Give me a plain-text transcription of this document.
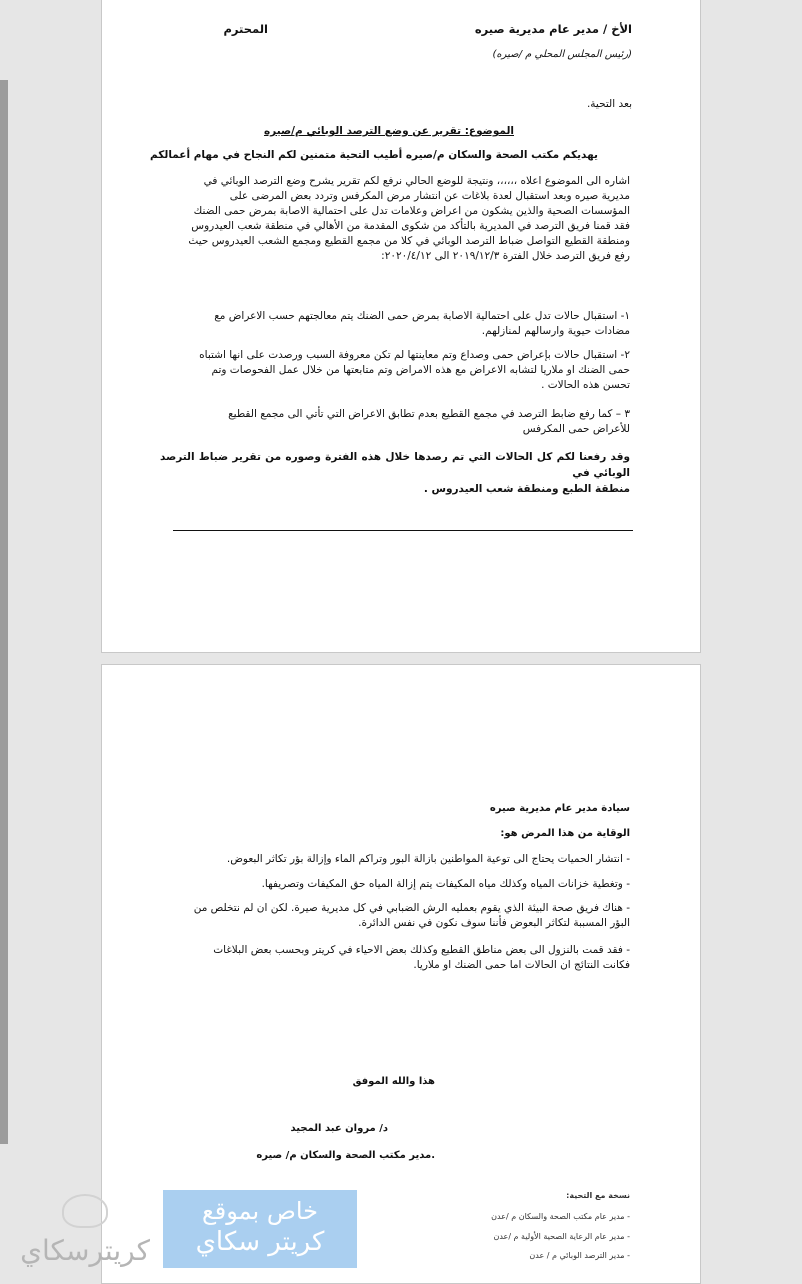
الأخ / مدير عام مديرية صيره
المحترم
(رئيس المجلس المحلي م /صيره)
بعد التحية.
الموضوع: تقرير عن وضع الترصد الوبائي م/صيره
يهديكم مكتب الصحة والسكان م/صيره أطيب التحية متمنين لكم النجاح في مهام أعمالكم
اشاره الى الموضوع اعلاه ،،،،،، ونتيجة للوضع الحالي نرفع لكم تقرير يشرح وضع الترصد الوبائي في
مديرية صيره وبعد استقبال لعدة بلاغات عن انتشار مرض المكرفس وتردد بعض المرضى على
المؤسسات الصحية والذين يشكون من اعراض وعلامات تدل على احتمالية الاصابة بمرض حمى الضنك
فقد قمنا فريق الترصد في المديرية بالتأكد من شكوى المقدمة من الأهالي في منطقة شعب العيدروس
ومنطقة القطيع التواصل ضباط الترصد الوبائي في كلا من مجمع القطيع ومجمع الشعب العيدروس حيث
رفع فريق الترصد خلال الفترة ٢٠١٩/١٢/٣ الى ٢٠٢٠/٤/١٢:
١- استقبال حالات تدل على احتمالية الاصابة بمرض حمى الضنك يتم معالجتهم حسب الاعراض مع
مضادات حيوية وارسالهم لمنازلهم.
٢- استقبال حالات بإعراض حمى وصداع وتم معاينتها لم تكن معروفة السبب ورصدت على انها اشتباه
حمى الضنك او ملاريا لتشابه الاعراض مع هذه الامراض وتم متابعتها من خلال عمل الفحوصات وتم
تحسن هذه الحالات .
٣ – كما رفع ضابط الترصد في مجمع القطيع بعدم تطابق الاعراض التي تأتي الى مجمع القطيع
للأعراض حمى المكرفس
وقد رفعنا لكم كل الحالات التي تم رصدها خلال هذه الفترة وصوره من تقرير ضباط الترصد الوبائي في
منطقة الطبع ومنطقة شعب العيدروس .
سيادة مدير عام مديرية صيره
الوقاية من هذا المرض هو:
- انتشار الحميات يحتاج الى توعية المواطنين بازالة البور وتراكم الماء وإزالة بؤر تكاثر البعوض.
- وتغطية خزانات المياه وكذلك مياه المكيفات يتم إزالة المياه حق المكيفات وتصريفها.
- هناك فريق صحة البيئة الذي يقوم بعمليه الرش الضبابي في كل مديرية صيرة. لكن ان لم نتخلص من
البؤر المسببة لتكاثر البعوض فأننا سوف نكون في نفس الدائرة.
- فقد قمت بالنزول الى بعض مناطق القطيع وكذلك بعض الاحياء في كريتر وبحسب بعض البلاغات
فكانت النتائج ان الحالات اما حمى الضنك او ملاريا.
هذا والله الموفق
د/ مروان عبد المجيد
.مدير مكتب الصحة والسكان م/ صيره
نسخة مع التحية:
- مدير عام مكتب الصحة والسكان م /عدن
- مدير عام الرعاية الصحية الأولية م /عدن
- مدير الترصد الوبائي م / عدن
خاص بموقع
كريتر سكاي
كريترسكاي
